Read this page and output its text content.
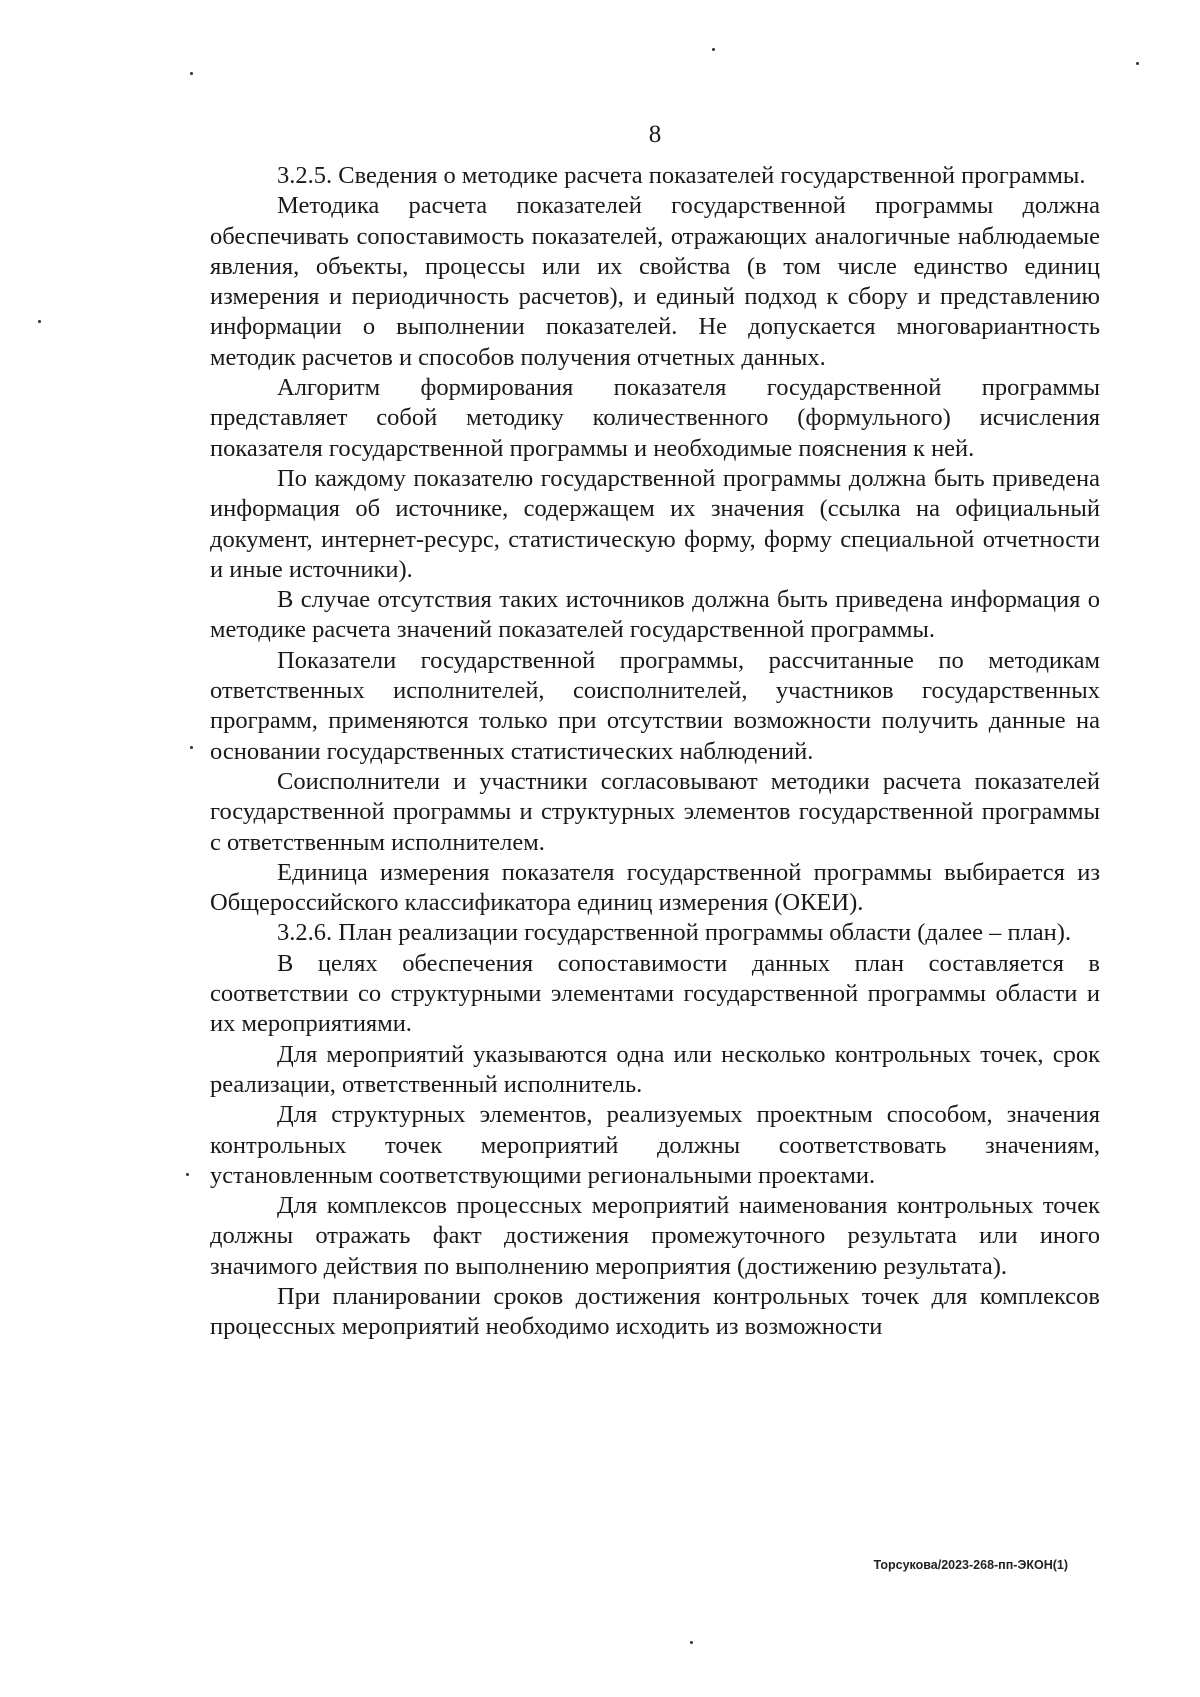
8

3.2.5. Сведения о методике расчета показателей государственной программы.

Методика расчета показателей государственной программы должна обеспечивать сопоставимость показателей, отражающих аналогичные наблюдаемые явления, объекты, процессы или их свойства (в том числе единство единиц измерения и периодичность расчетов), и единый подход к сбору и представлению информации о выполнении показателей. Не допускается многовариантность методик расчетов и способов получения отчетных данных.

Алгоритм формирования показателя государственной программы представляет собой методику количественного (формульного) исчисления показателя государственной программы и необходимые пояснения к ней.

По каждому показателю государственной программы должна быть приведена информация об источнике, содержащем их значения (ссылка на официальный документ, интернет-ресурс, статистическую форму, форму специальной отчетности и иные источники).

В случае отсутствия таких источников должна быть приведена информация о методике расчета значений показателей государственной программы.

Показатели государственной программы, рассчитанные по методикам ответственных исполнителей, соисполнителей, участников государственных программ, применяются только при отсутствии возможности получить данные на основании государственных статистических наблюдений.

Соисполнители и участники согласовывают методики расчета показателей государственной программы и структурных элементов государственной программы с ответственным исполнителем.

Единица измерения показателя государственной программы выбирается из Общероссийского классификатора единиц измерения (ОКЕИ).

3.2.6. План реализации государственной программы области (далее – план).

В целях обеспечения сопоставимости данных план составляется в соответствии со структурными элементами государственной программы области и их мероприятиями.

Для мероприятий указываются одна или несколько контрольных точек, срок реализации, ответственный исполнитель.

Для структурных элементов, реализуемых проектным способом, значения контрольных точек мероприятий должны соответствовать значениям, установленным соответствующими региональными проектами.

Для комплексов процессных мероприятий наименования контрольных точек должны отражать факт достижения промежуточного результата или иного значимого действия по выполнению мероприятия (достижению результата).

При планировании сроков достижения контрольных точек для комплексов процессных мероприятий необходимо исходить из возможности

Торсукова/2023-268-пп-ЭКОН(1)
